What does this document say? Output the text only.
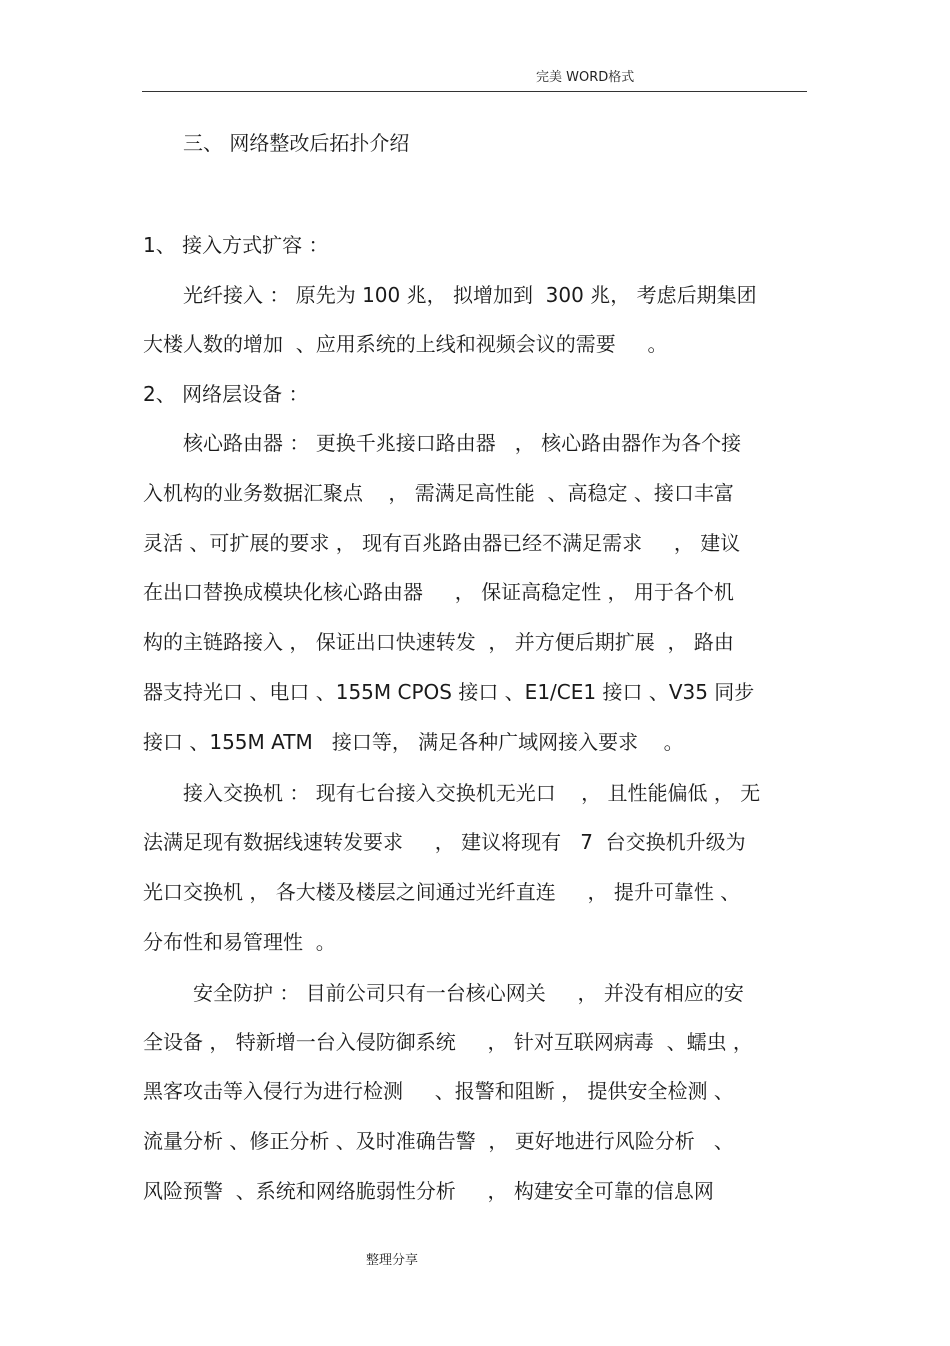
完美 WORD格式
三、 网络整改后拓扑介绍
1、 接入方式扩容 ：
光纤接入 ： 原先为 100 兆， 拟增加到  300 兆， 考虑后期集团
大楼人数的增加  、应用系统的上线和视频会议的需要     。
2、 网络层设备 ：
核心路由器 ： 更换千兆接口路由器   ， 核心路由器作为各个接
入机构的业务数据汇聚点    ， 需满足高性能  、高稳定 、接口丰富
灵活 、可扩展的要求 ， 现有百兆路由器已经不满足需求     ， 建议
在出口替换成模块化核心路由器     ， 保证高稳定性 ， 用于各个机
构的主链路接入 ， 保证出口快速转发  ， 并方便后期扩展  ， 路由
器支持光口 、电口 、155M CPOS 接口 、E1/CE1 接口 、V35 同步
接口 、155M ATM   接口等， 满足各种广域网接入要求    。
接入交换机 ： 现有七台接入交换机无光口    ， 且性能偏低 ， 无
法满足现有数据线速转发要求     ， 建议将现有   7  台交换机升级为
光口交换机 ， 各大楼及楼层之间通过光纤直连     ， 提升可靠性 、
分布性和易管理性  。
安全防护 ： 目前公司只有一台核心网关     ， 并没有相应的安
全设备 ， 特新增一台入侵防御系统     ， 针对互联网病毒  、蠕虫 ，
黑客攻击等入侵行为进行检测     、报警和阻断 ， 提供安全检测 、
流量分析 、修正分析 、及时准确告警  ， 更好地进行风险分析   、
风险预警  、系统和网络脆弱性分析     ， 构建安全可靠的信息网
整理分享
